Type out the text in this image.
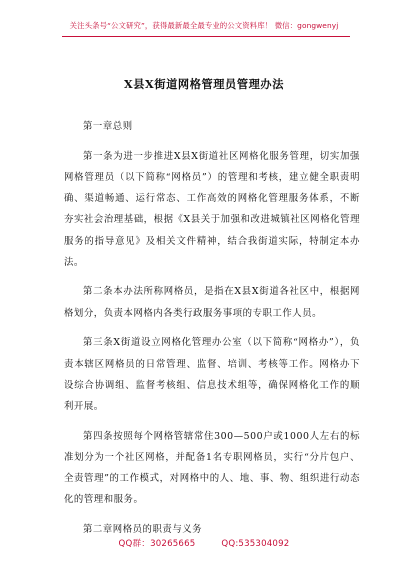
关注头条号“公文研究”，获得最新最全最专业的公文资料库！ 微信：gongwenyj
X县X街道网格管理员管理办法

第一章总则

第一条为进一步推进X县X街道社区网格化服务管理，切实加强网格管理员（以下简称“网格员”）的管理和考核，建立健全职责明确、渠道畅通、运行常态、工作高效的网格化管理服务体系，不断夯实社会治理基础，根据《X县关于加强和改进城镇社区网格化管理服务的指导意见》及相关文件精神，结合我街道实际，特制定本办法。

第二条本办法所称网格员，是指在X县X街道各社区中，根据网格划分，负责本网格内各类行政服务事项的专职工作人员。

第三条X街道设立网格化管理办公室（以下简称“网格办”），负责本辖区网格员的日常管理、监督、培训、考核等工作。网格办下设综合协调组、监督考核组、信息技术组等，确保网格化工作的顺利开展。

第四条按照每个网格管辖常住300—500户或1000人左右的标准划分为一个社区网格，并配备1名专职网格员，实行“分片包户、全责管理”的工作模式，对网格中的人、地、事、物、组织进行动态化的管理和服务。

第二章网格员的职责与义务

QQ群：30265665	QQ:535304092
